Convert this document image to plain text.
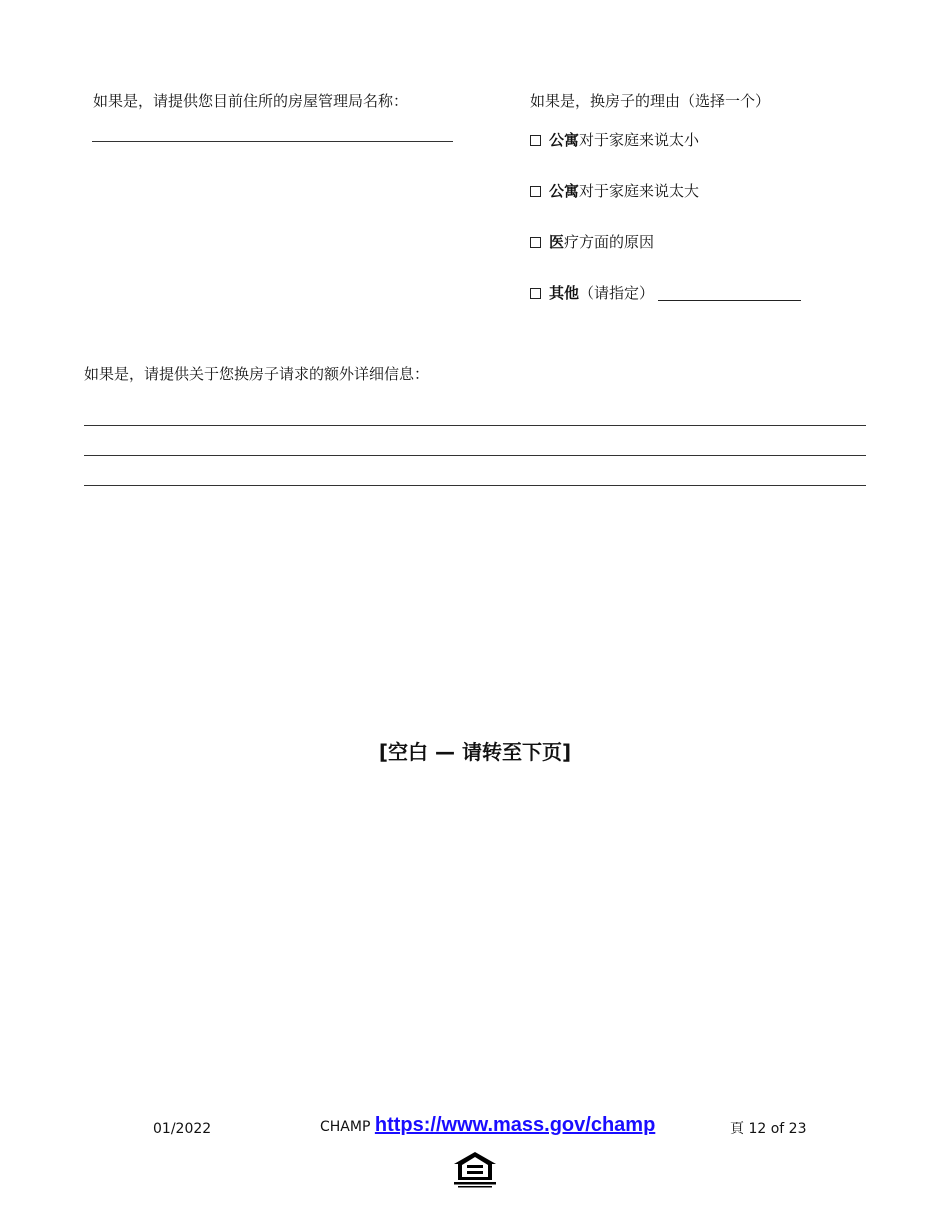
如果是，请提供您目前住所的房屋管理局名称：	如果是，换房子的理由（选择一个）
公寓对于家庭来说太小
公寓对于家庭来说太大
医疗方面的原因
其他（请指定）
如果是，请提供关于您换房子请求的额外详细信息：
[空白 — 请转至下页]
01/2022	CHAMP https://www.mass.gov/champ	頁 12 of 23
